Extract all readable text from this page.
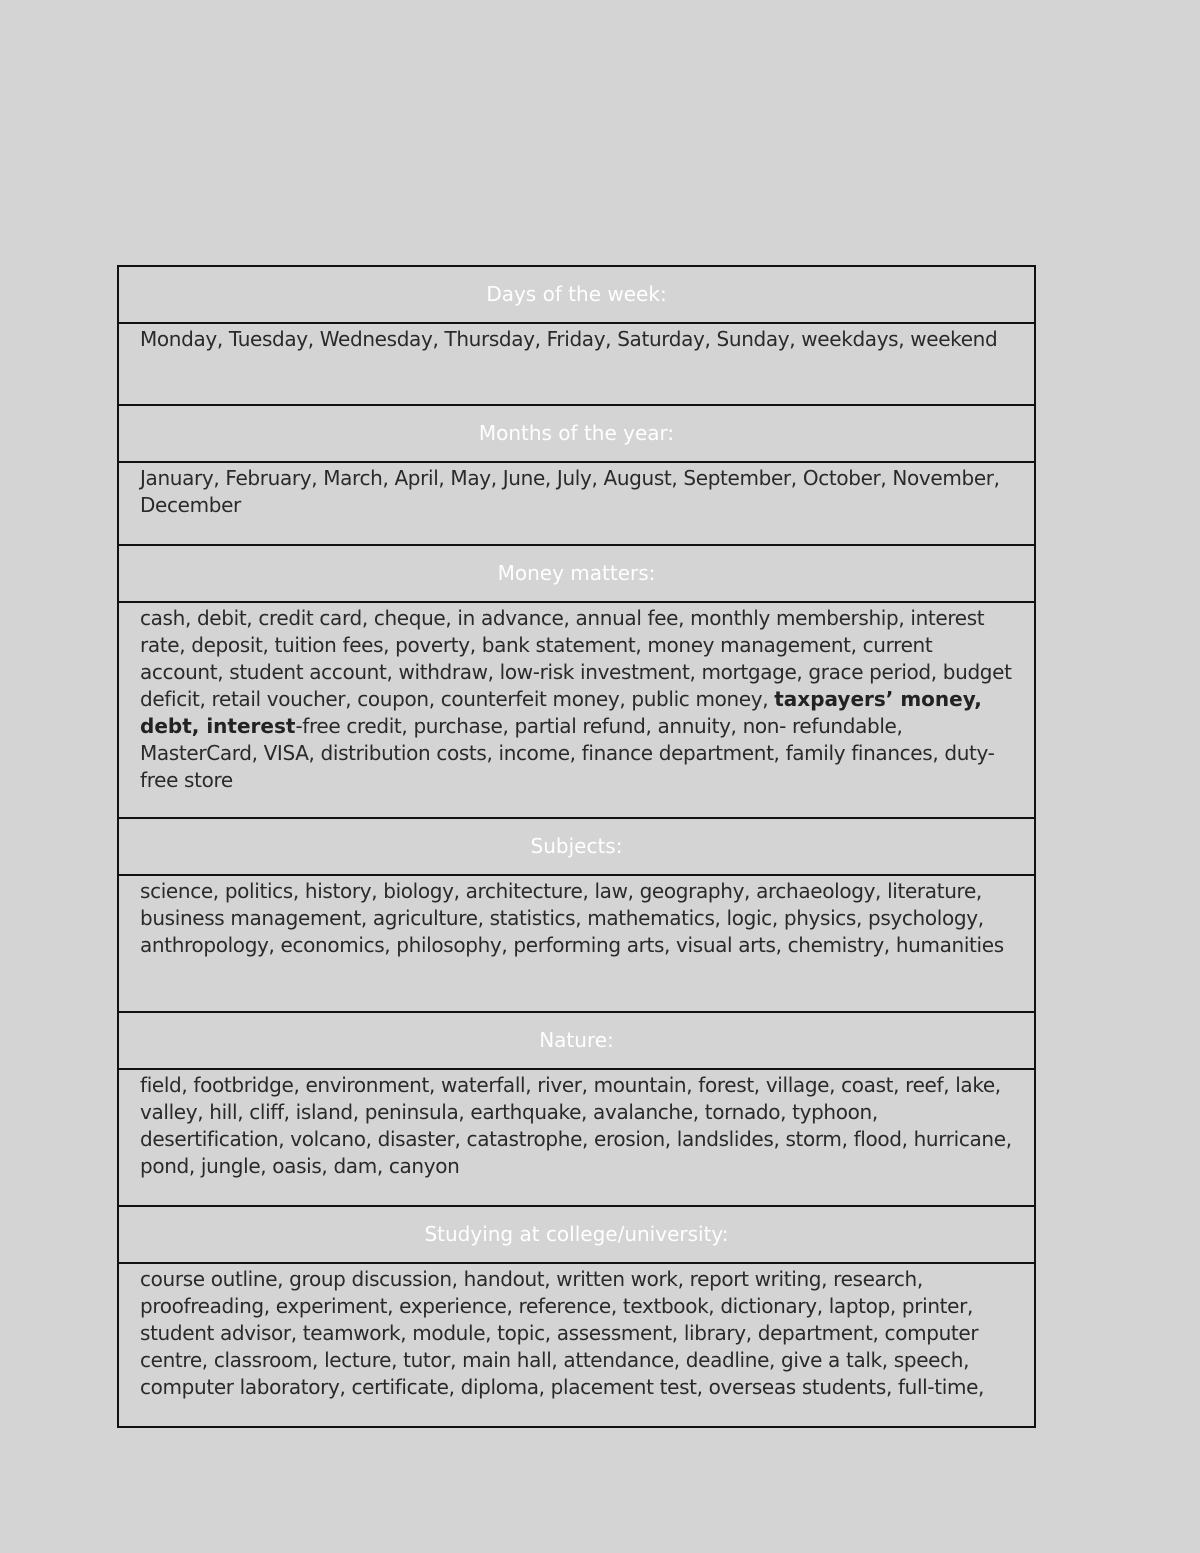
Days of the week:
Monday, Tuesday, Wednesday, Thursday, Friday, Saturday, Sunday, weekdays, weekend
Months of the year:
January, February, March, April, May, June, July, August, September, October, November, December
Money matters:
cash, debit, credit card, cheque, in advance, annual fee, monthly membership, interest rate, deposit, tuition fees, poverty, bank statement, money management, current account, student account, withdraw, low-risk investment, mortgage, grace period, budget deficit, retail voucher, coupon, counterfeit money, public money, taxpayers’ money, debt, interest-free credit, purchase, partial refund, annuity, non- refundable, MasterCard, VISA, distribution costs, income, finance department, family finances, duty-free store
Subjects:
science, politics, history, biology, architecture, law, geography, archaeology, literature, business management, agriculture, statistics, mathematics, logic, physics, psychology, anthropology, economics, philosophy, performing arts, visual arts, chemistry, humanities
Nature:
field, footbridge, environment, waterfall, river, mountain, forest, village, coast, reef, lake, valley, hill, cliff, island, peninsula, earthquake, avalanche, tornado, typhoon, desertification, volcano, disaster, catastrophe, erosion, landslides, storm, flood, hurricane, pond, jungle, oasis, dam, canyon
Studying at college/university:
course outline, group discussion, handout, written work, report writing, research, proofreading, experiment, experience, reference, textbook, dictionary, laptop, printer, student advisor, teamwork, module, topic, assessment, library, department, computer centre, classroom, lecture, tutor, main hall, attendance, deadline, give a talk, speech, computer laboratory, certificate, diploma, placement test, overseas students, full-time,
